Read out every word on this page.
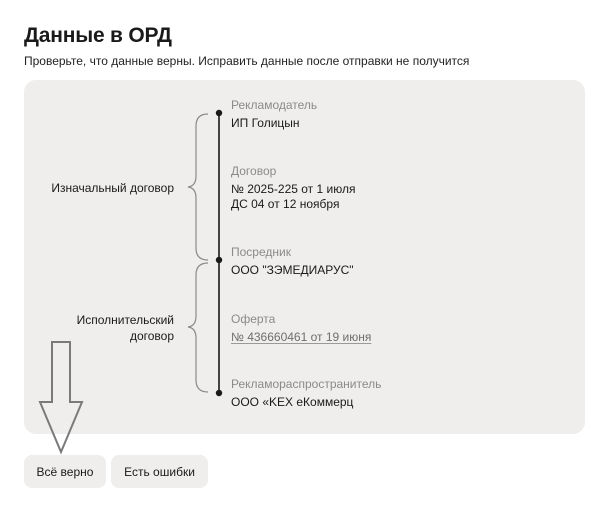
Данные в ОРД
Проверьте, что данные верны. Исправить данные после отправки не получится
Изначальный договор
Исполнительский
договор
Рекламодатель
ИП Голицын
Договор
№ 2025-225 от 1 июля
ДС 04 от 12 ноября
Посредник
ООО "ЗЭМЕДИАРУС"
Оферта
№ 436660461 от 19 июня
Рекламораспространитель
ООО «KEX еКоммерц
Всё верно	Есть ошибки
